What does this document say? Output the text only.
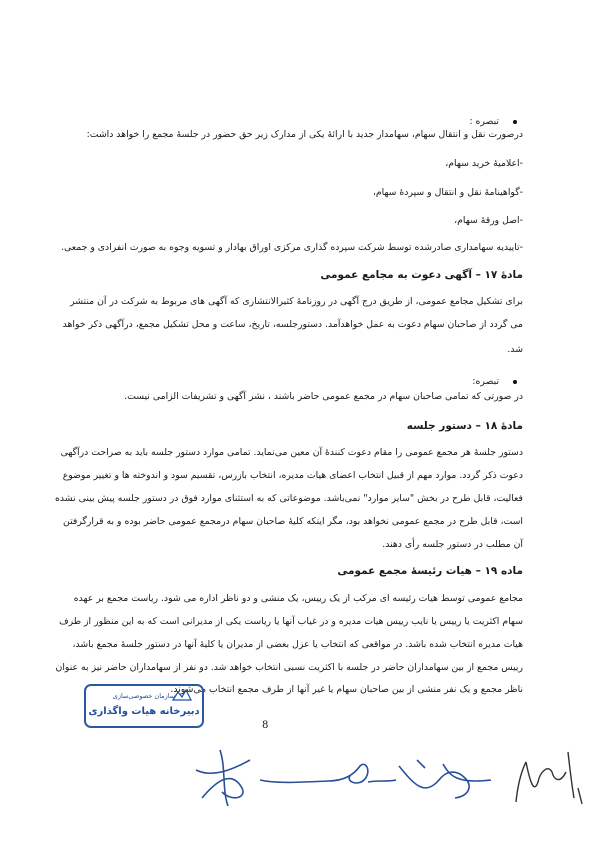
تبصره :
درصورت نقل و انتقال سهام، سهامدار جدید با ارائهٔ یکی از مدارک زیر حق حضور در جلسهٔ مجمع را خواهد داشت:
-اعلامیهٔ خرید سهام،
-گواهینامهٔ نقل و انتقال و سپردهٔ سهام،
-اصل ورقهٔ سهام،
-تاییدیه سهامداری صادرشده توسط شرکت سپرده گذاری مرکزی اوراق بهادار و تسویه وجوه به صورت انفرادی و جمعی.
مادهٔ ۱۷ – آگهی دعوت به مجامع عمومی
برای تشکیل مجامع عمومی، از طریق درج آگهی در روزنامهٔ کثیرالانتشاری که آگهی های مربوط به شرکت در آن منتشر
می گردد از صاحبان سهام دعوت به عمل خواهدآمد. دستورجلسه، تاریخ، ساعت و محل تشکیل مجمع، درآگهی ذکر خواهد
شد.
تبصره:
در صورتی که تمامی صاحبان سهام در مجمع عمومی حاضر باشند ، نشر آگهی و تشریفات الزامی نیست.
مادهٔ ۱۸ – دستور جلسه
دستور جلسهٔ هر مجمع عمومی را مقام دعوت کنندهٔ آن معین می‌نماید. تمامی موارد دستور جلسه باید به صراحت درآگهی
دعوت ذکر گردد. موارد مهم از قبیل انتخاب اعضای هیات مدیره، انتخاب بازرس، تقسیم سود و اندوخته ها و تغییر موضوع
فعالیت، قابل طرح در بخش "سایر موارد" نمی‌باشد. موضوعاتی که به استثنای موارد فوق در دستور جلسه پیش بینی نشده
است، قابل طرح در مجمع عمومی نخواهد بود، مگر اینکه کلیهٔ صاحبان سهام درمجمع عمومی حاضر بوده و به قرارگرفتن
آن مطلب در دستور جلسه رأی دهند.
ماده ۱۹ – هیات رئیسهٔ مجمع عمومی
مجامع عمومی توسط هیات رئیسه ای مرکب از یک رییس، یک منشی و دو ناظر اداره می شود. ریاست مجمع بر عهده
سهام اکثریت یا رییس یا نایب رییس هیات مدیره و در غیاب آنها یا ریاست یکی از مدیرانی است که به این منظور از طرف
هیات مدیره انتخاب شده باشد. در مواقعی که انتخاب یا عزل بعضی از مدیران یا کلیهٔ آنها در دستور جلسهٔ مجمع باشد،
رییس مجمع از بین سهامداران حاضر در جلسه با اکثریت نسبی انتخاب خواهد شد. دو نفر از سهامداران حاضر نیز به عنوان
ناظر مجمع و یک نفر منشی از بین صاحبان سهام یا غیر آنها از طرف مجمع انتخاب می‌شوند.
سازمان خصوصی‌سازی
دبیرخانه هیات واگذاری
8
